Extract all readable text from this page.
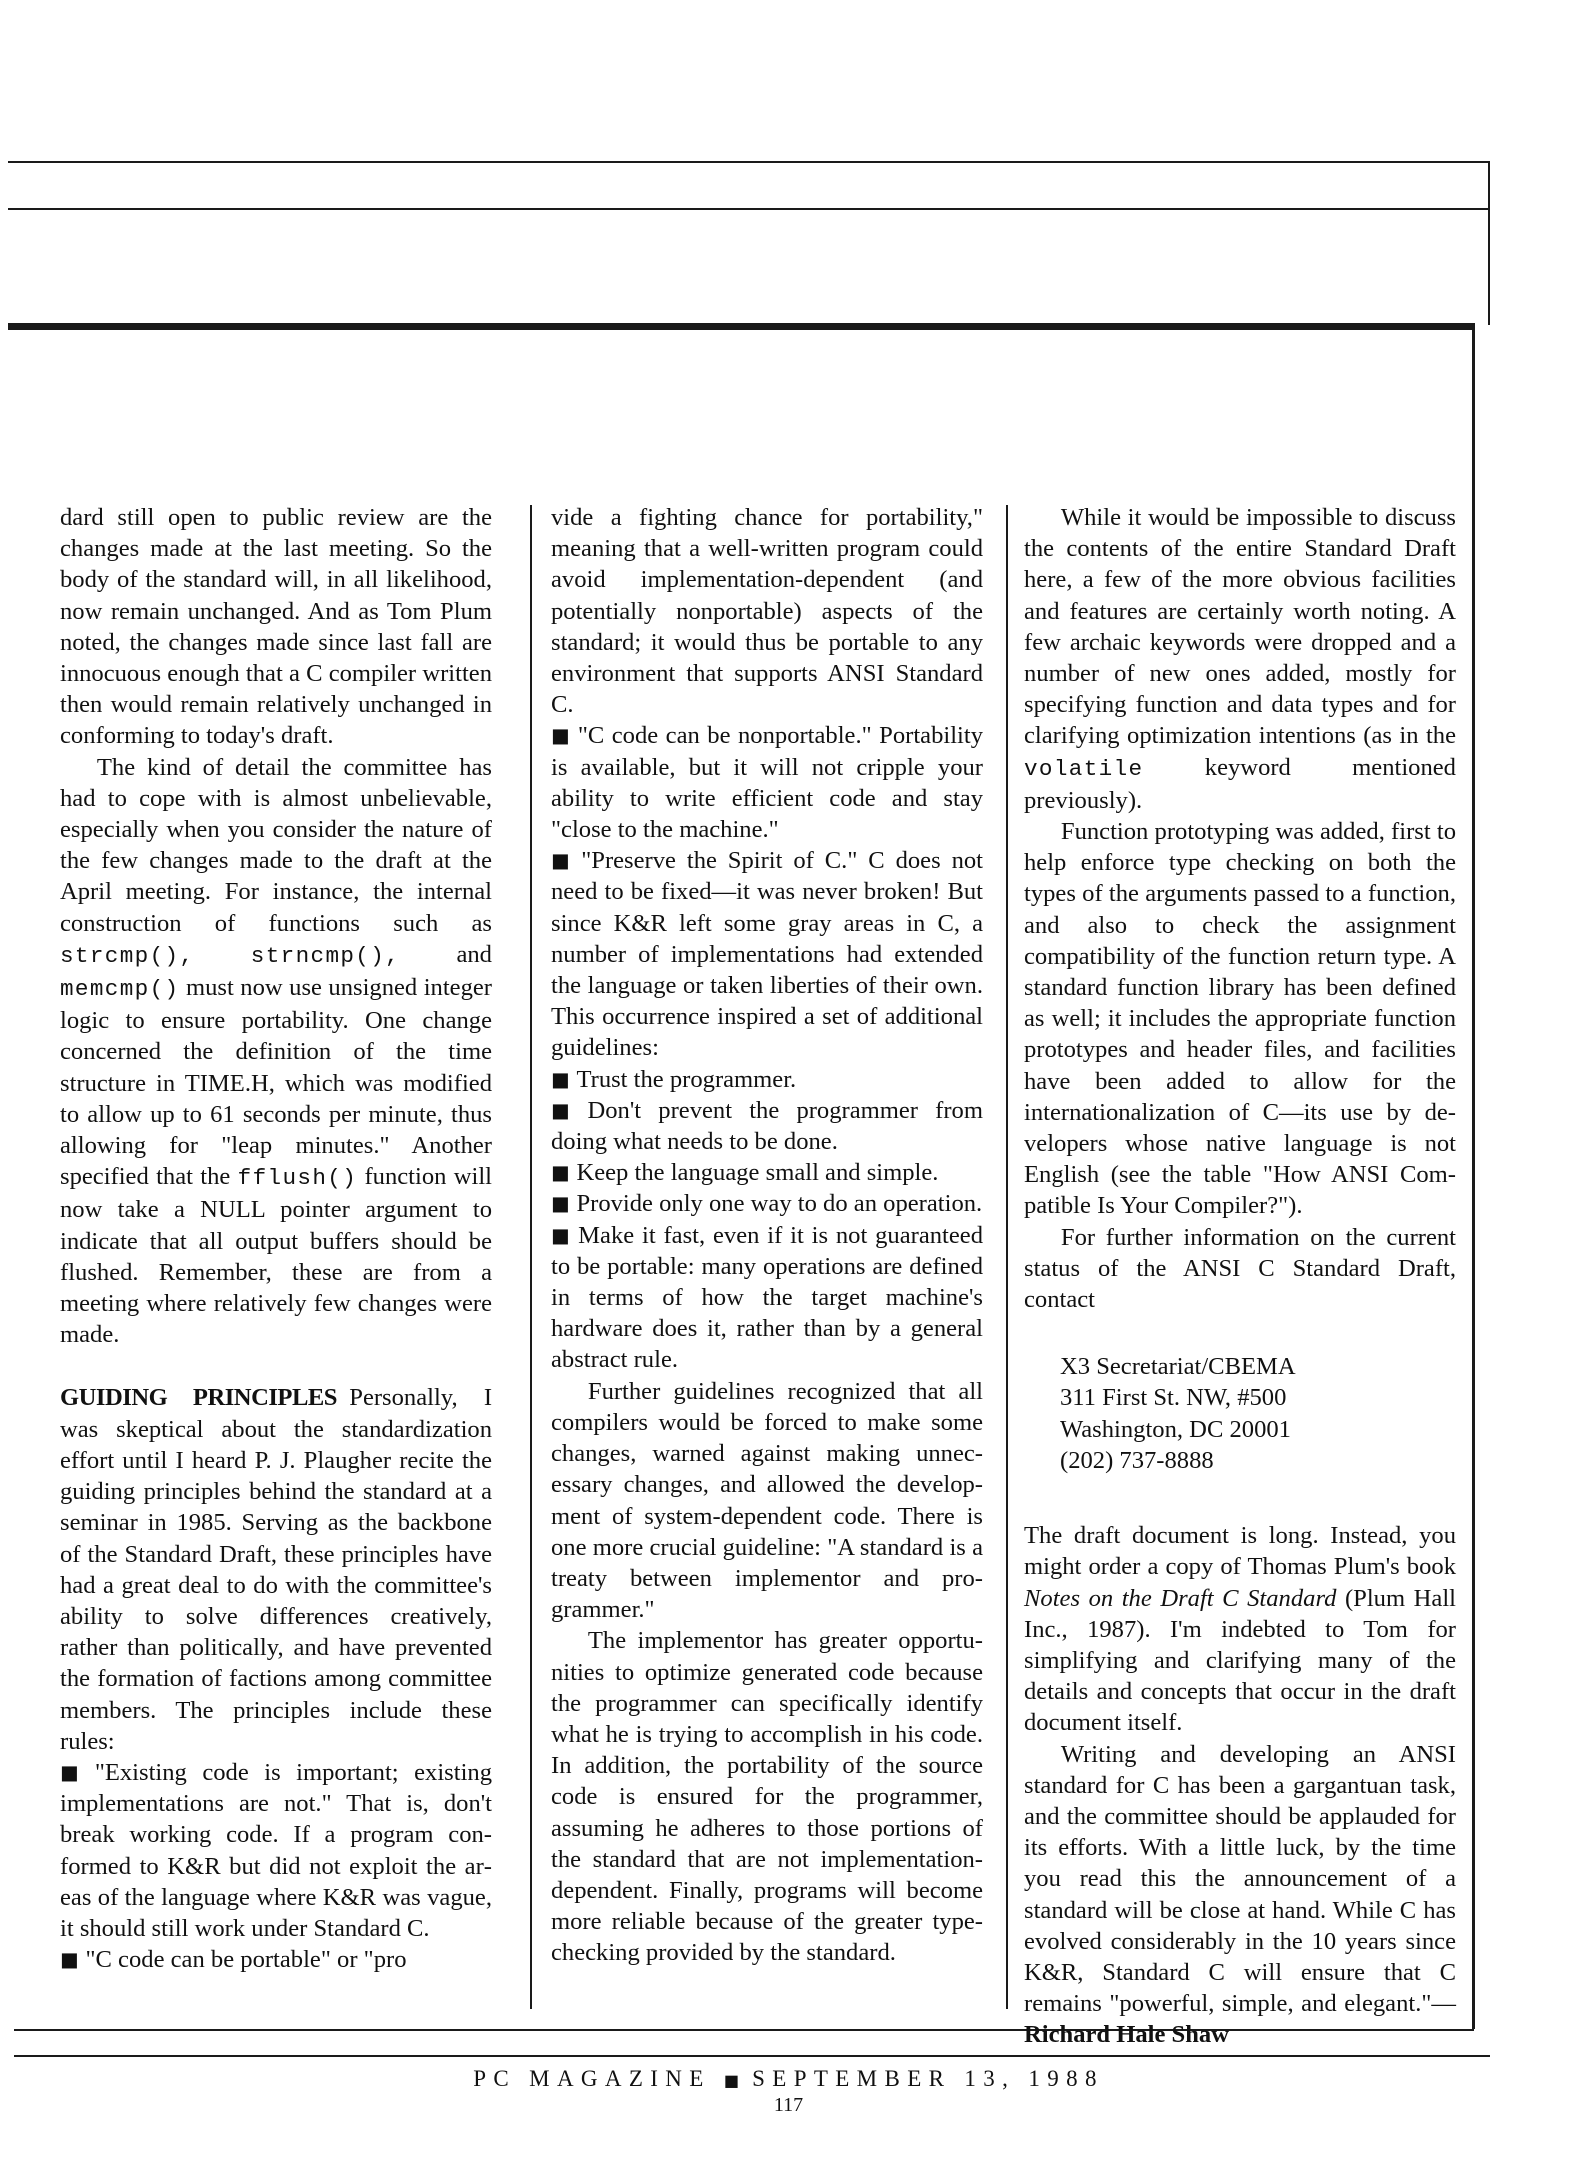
dard still open to public review are the changes made at the last meeting. So the body of the standard will, in all likelihood, now remain unchanged. And as Tom Plum noted, the changes made since last fall are innocuous enough that a C compiler written then would remain relatively unchanged in conforming to today's draft.

The kind of detail the committee has had to cope with is almost unbelievable, especially when you consider the nature of the few changes made to the draft at the April meeting. For instance, the internal construction of functions such as strcmp(), strncmp(), and memcmp() must now use unsigned integer logic to ensure portability. One change concerned the definition of the time structure in TIME.H, which was modified to allow up to 61 seconds per minute, thus allowing for "leap minutes." Another specified that the fflush() function will now take a NULL pointer argument to indicate that all output buffers should be flushed. Remember, these are from a meeting where relatively few changes were made.

GUIDING PRINCIPLES Personally, I was skeptical about the standardization effort until I heard P. J. Plaugher recite the guiding principles behind the standard at a seminar in 1985. Serving as the backbone of the Standard Draft, these principles have had a great deal to do with the committee's ability to solve differences creatively, rather than politically, and have prevented the formation of factions among committee members. The principles include these rules:

■ "Existing code is important; existing implementations are not." That is, don't break working code. If a program conformed to K&R but did not exploit the areas of the language where K&R was vague, it should still work under Standard C.

■ "C code can be portable" or "pro

vide a fighting chance for portability," meaning that a well-written program could avoid implementation-dependent (and potentially nonportable) aspects of the standard; it would thus be portable to any environment that supports ANSI Standard C.

■ "C code can be nonportable." Portability is available, but it will not cripple your ability to write efficient code and stay "close to the machine."

■ "Preserve the Spirit of C." C does not need to be fixed—it was never broken! But since K&R left some gray areas in C, a number of implementations had extended the language or taken liberties of their own. This occurrence inspired a set of additional guidelines:

■ Trust the programmer.

■ Don't prevent the programmer from doing what needs to be done.

■ Keep the language small and simple.

■ Provide only one way to do an operation.

■ Make it fast, even if it is not guaranteed to be portable: many operations are defined in terms of how the target machine's hardware does it, rather than by a general abstract rule.

Further guidelines recognized that all compilers would be forced to make some changes, warned against making unnecessary changes, and allowed the development of system-dependent code. There is one more crucial guideline: "A standard is a treaty between implementor and programmer."

The implementor has greater opportunities to optimize generated code because the programmer can specifically identify what he is trying to accomplish in his code. In addition, the portability of the source code is ensured for the programmer, assuming he adheres to those portions of the standard that are not implementation-dependent. Finally, programs will become more reliable because of the greater type-checking provided by the standard.

While it would be impossible to discuss the contents of the entire Standard Draft here, a few of the more obvious facilities and features are certainly worth noting. A few archaic keywords were dropped and a number of new ones added, mostly for specifying function and data types and for clarifying optimization intentions (as in the volatile keyword mentioned previously).

Function prototyping was added, first to help enforce type checking on both the types of the arguments passed to a function, and also to check the assignment compatibility of the function return type. A standard function library has been defined as well; it includes the appropriate function prototypes and header files, and facilities have been added to allow for the internationalization of C—its use by developers whose native language is not English (see the table "How ANSI Compatible Is Your Compiler?").

For further information on the current status of the ANSI C Standard Draft, contact

X3 Secretariat/CBEMA
311 First St. NW, #500
Washington, DC 20001
(202) 737-8888

The draft document is long. Instead, you might order a copy of Thomas Plum's book Notes on the Draft C Standard (Plum Hall Inc., 1987). I'm indebted to Tom for simplifying and clarifying many of the details and concepts that occur in the draft document itself.

Writing and developing an ANSI standard for C has been a gargantuan task, and the committee should be applauded for its efforts. With a little luck, by the time you read this the announcement of a standard will be close at hand. While C has evolved considerably in the 10 years since K&R, Standard C will ensure that C remains "powerful, simple, and elegant."—Richard Hale Shaw

PC MAGAZINE ■ SEPTEMBER 13, 1988
117
